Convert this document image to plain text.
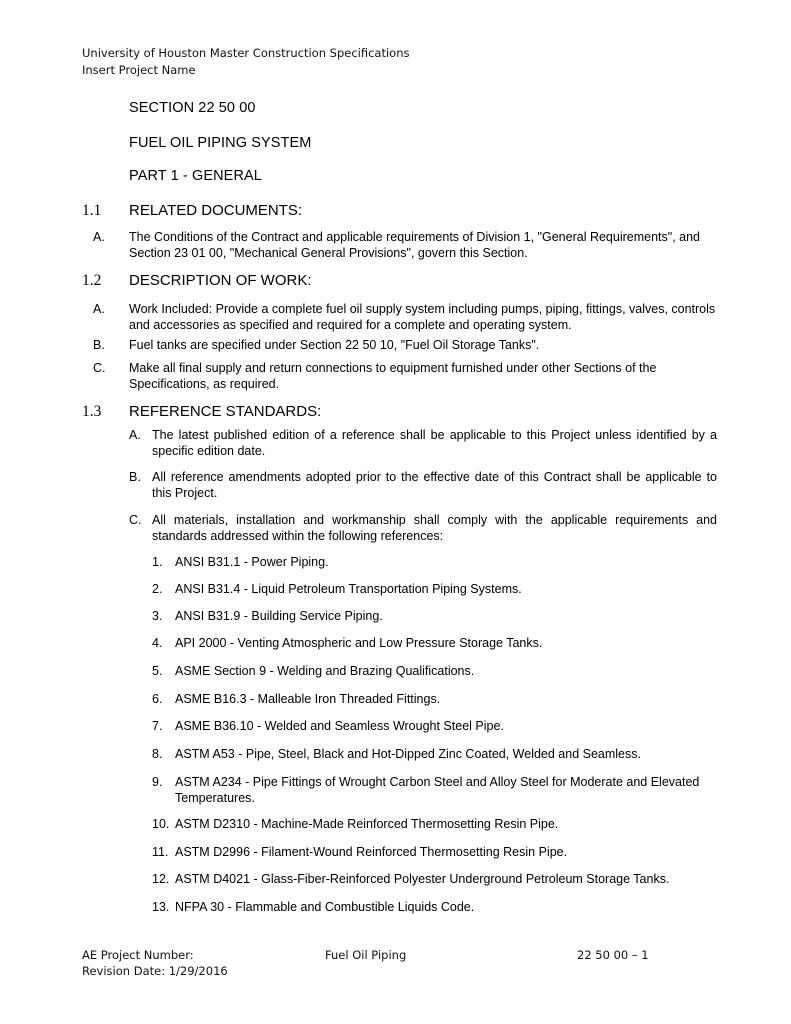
University of Houston Master Construction Specifications
Insert Project Name
SECTION 22 50 00
FUEL OIL PIPING SYSTEM
PART 1 - GENERAL
1.1 RELATED DOCUMENTS:
A. The Conditions of the Contract and applicable requirements of Division 1, "General Requirements", and Section 23 01 00, "Mechanical General Provisions", govern this Section.
1.2 DESCRIPTION OF WORK:
A. Work Included: Provide a complete fuel oil supply system including pumps, piping, fittings, valves, controls and accessories as specified and required for a complete and operating system.
B. Fuel tanks are specified under Section 22 50 10, "Fuel Oil Storage Tanks".
C. Make all final supply and return connections to equipment furnished under other Sections of the Specifications, as required.
1.3 REFERENCE STANDARDS:
A. The latest published edition of a reference shall be applicable to this Project unless identified by a specific edition date.
B. All reference amendments adopted prior to the effective date of this Contract shall be applicable to this Project.
C. All materials, installation and workmanship shall comply with the applicable requirements and standards addressed within the following references:
1. ANSI B31.1 - Power Piping.
2. ANSI B31.4 - Liquid Petroleum Transportation Piping Systems.
3. ANSI B31.9 - Building Service Piping.
4. API 2000 - Venting Atmospheric and Low Pressure Storage Tanks.
5. ASME Section 9 - Welding and Brazing Qualifications.
6. ASME B16.3 - Malleable Iron Threaded Fittings.
7. ASME B36.10 - Welded and Seamless Wrought Steel Pipe.
8. ASTM A53 - Pipe, Steel, Black and Hot-Dipped Zinc Coated, Welded and Seamless.
9. ASTM A234 - Pipe Fittings of Wrought Carbon Steel and Alloy Steel for Moderate and Elevated Temperatures.
10. ASTM D2310 - Machine-Made Reinforced Thermosetting Resin Pipe.
11. ASTM D2996 - Filament-Wound Reinforced Thermosetting Resin Pipe.
12. ASTM D4021 - Glass-Fiber-Reinforced Polyester Underground Petroleum Storage Tanks.
13. NFPA 30 - Flammable and Combustible Liquids Code.
AE Project Number:
Revision Date: 1/29/2016
Fuel Oil Piping	22 50 00 – 1
